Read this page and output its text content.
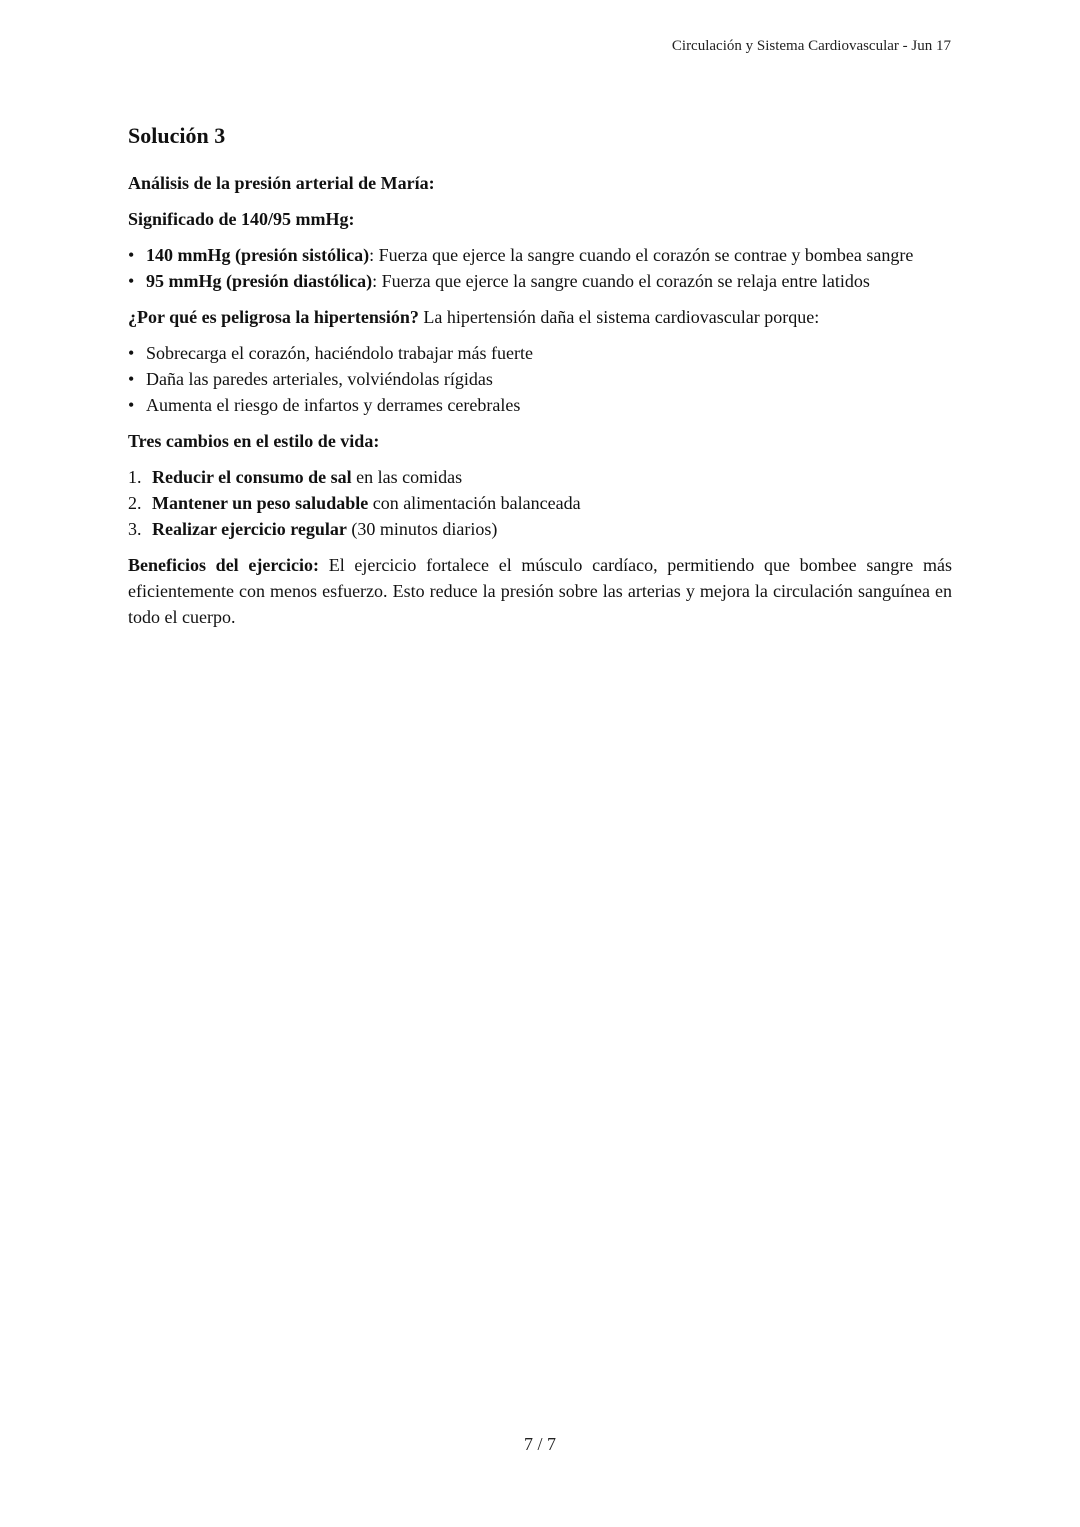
Circulación y Sistema Cardiovascular - Jun 17
Solución 3

Análisis de la presión arterial de María:

Significado de 140/95 mmHg:

• 140 mmHg (presión sistólica): Fuerza que ejerce la sangre cuando el corazón se contrae y bombea sangre
• 95 mmHg (presión diastólica): Fuerza que ejerce la sangre cuando el corazón se relaja entre latidos

¿Por qué es peligrosa la hipertensión? La hipertensión daña el sistema cardiovascular porque:

• Sobrecarga el corazón, haciéndolo trabajar más fuerte
• Daña las paredes arteriales, volviéndolas rígidas
• Aumenta el riesgo de infartos y derrames cerebrales

Tres cambios en el estilo de vida:

1. Reducir el consumo de sal en las comidas
2. Mantener un peso saludable con alimentación balanceada
3. Realizar ejercicio regular (30 minutos diarios)

Beneficios del ejercicio: El ejercicio fortalece el músculo cardíaco, permitiendo que bombee sangre más eficientemente con menos esfuerzo. Esto reduce la presión sobre las arterias y mejora la circulación sanguínea en todo el cuerpo.

7 / 7
